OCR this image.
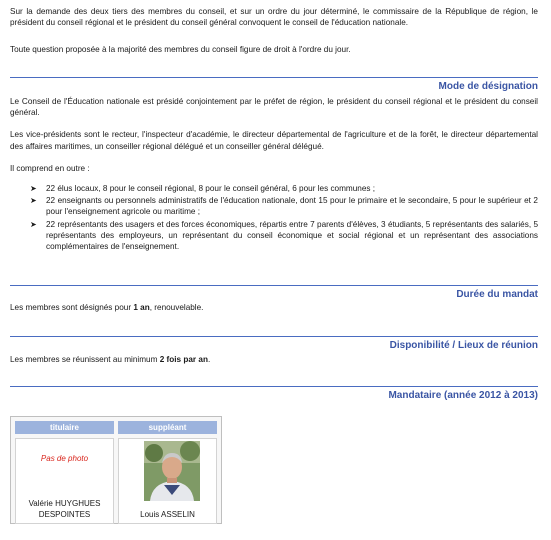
Sur la demande des deux tiers des membres du conseil, et sur un ordre du jour déterminé, le commissaire de la République de région, le président du conseil régional et le président du conseil général convoquent le conseil de l'éducation nationale.

Toute question proposée à la majorité des membres du conseil figure de droit à l'ordre du jour.

Mode de désignation

Le Conseil de l'Éducation nationale est présidé conjointement par le préfet de région, le président du conseil régional et le président du conseil général.

Les vice-présidents sont le recteur, l'inspecteur d'académie, le directeur départemental de l'agriculture et de la forêt, le directeur départemental des affaires maritimes, un conseiller régional délégué et un conseiller général délégué.

Il comprend en outre :

➤ 22 élus locaux, 8 pour le conseil régional, 8 pour le conseil général, 6 pour les communes ;
➤ 22 enseignants ou personnels administratifs de l'éducation nationale, dont 15 pour le primaire et le secondaire, 5 pour le supérieur et 2 pour l'enseignement agricole ou maritime ;
➤ 22 représentants des usagers et des forces économiques, répartis entre 7 parents d'élèves, 3 étudiants, 5 représentants des salariés, 5 représentants des employeurs, un représentant du conseil économique et social régional et un représentant des associations complémentaires de l'enseignement.
Durée du mandat

Les membres sont désignés pour 1 an, renouvelable.

Disponibilité / Lieux de réunion

Les membres se réunissent au minimum 2 fois par an.

Mandataire (année 2012 à 2013)
titulaire	suppléant

Pas de photo
Valérie HUYGHUES
DESPOINTES	Louis ASSELIN
